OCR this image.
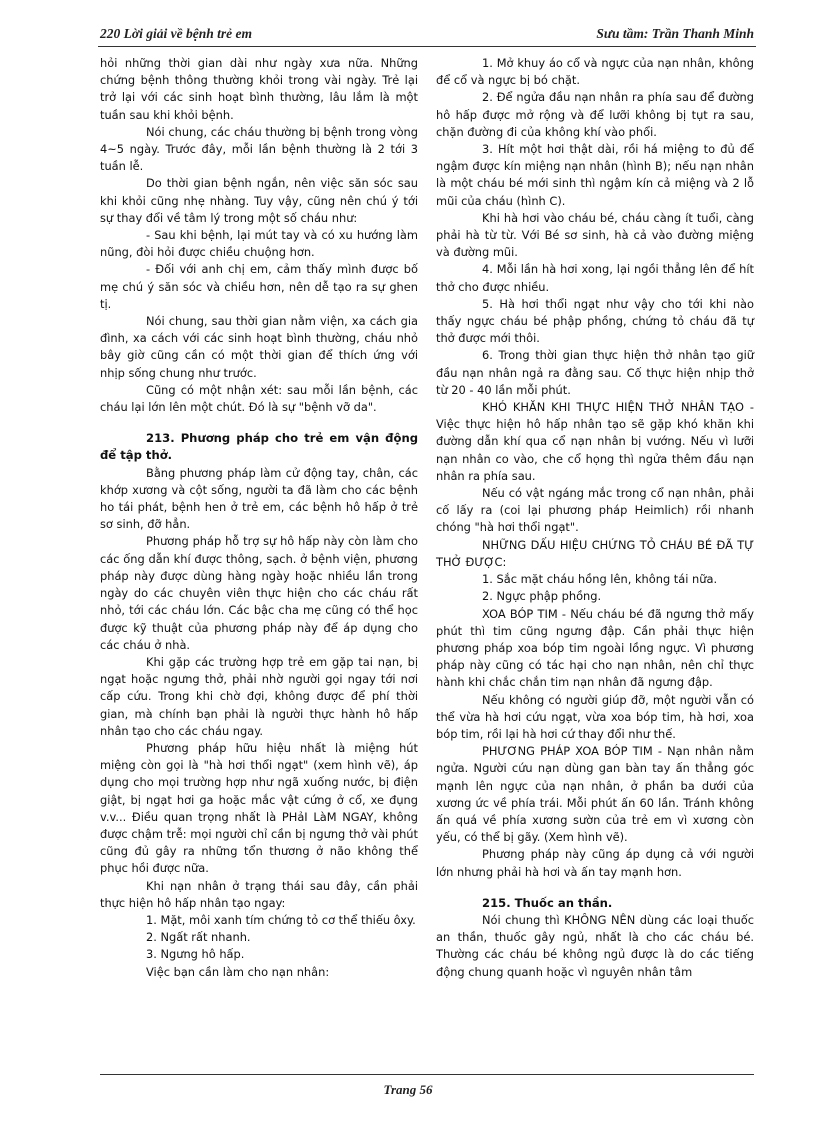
220 Lời giải về bệnh trẻ em	Sưu tầm: Trần Thanh Minh

hỏi những thời gian dài như ngày xưa nữa. Những chứng bệnh thông thường khỏi trong vài ngày. Trẻ lại trở lại với các sinh hoạt bình thường, lâu lắm là một tuần sau khi khỏi bệnh.

Nói chung, các cháu thường bị bệnh trong vòng 4~5 ngày. Trước đây, mỗi lần bệnh thường là 2 tới 3 tuần lễ.

Do thời gian bệnh ngắn, nên việc săn sóc sau khi khỏi cũng nhẹ nhàng. Tuy vậy, cũng nên chú ý tới sự thay đổi về tâm lý trong một số cháu như:

- Sau khi bệnh, lại mút tay và có xu hướng làm nũng, đòi hỏi được chiều chuộng hơn.

- Đối với anh chị em, cảm thấy mình được bố mẹ chú ý săn sóc và chiều hơn, nên dễ tạo ra sự ghen tị.

Nói chung, sau thời gian nằm viện, xa cách gia đình, xa cách với các sinh hoạt bình thường, cháu nhỏ bây giờ cũng cần có một thời gian để thích ứng với nhịp sống chung như trước.

Cũng có một nhận xét: sau mỗi lần bệnh, các cháu lại lớn lên một chút. Đó là sự "bệnh vỡ da".

213. Phương pháp cho trẻ em vận động để tập thở.

Bằng phương pháp làm cử động tay, chân, các khớp xương và cột sống, người ta đã làm cho các bệnh ho tái phát, bệnh hen ở trẻ em, các bệnh hô hấp ở trẻ sơ sinh, đỡ hẳn.

Phương pháp hỗ trợ sự hô hấp này còn làm cho các ống dẫn khí được thông, sạch. ở bệnh viện, phương pháp này được dùng hàng ngày hoặc nhiều lần trong ngày do các chuyên viên thực hiện cho các cháu rất nhỏ, tới các cháu lớn. Các bậc cha mẹ cũng có thể học được kỹ thuật của phương pháp này để áp dụng cho các cháu ở nhà.

Khi gặp các trường hợp trẻ em gặp tai nạn, bị ngạt hoặc ngưng thở, phải nhờ người gọi ngay tới nơi cấp cứu. Trong khi chờ đợi, không được để phí thời gian, mà chính bạn phải là người thực hành hô hấp nhân tạo cho các cháu ngay.

Phương pháp hữu hiệu nhất là miệng hút miệng còn gọi là "hà hơi thổi ngạt" (xem hình vẽ), áp dụng cho mọi trường hợp như ngã xuống nước, bị điện giật, bị ngạt hơi ga hoặc mắc vật cứng ở cổ, xe đụng v.v... Điều quan trọng nhất là PHảI LàM NGAY, không được chậm trễ: mọi người chỉ cần bị ngưng thở vài phút cũng đủ gây ra những tổn thương ở não không thể phục hồi được nữa.

Khi nạn nhân ở trạng thái sau đây, cần phải thực hiện hô hấp nhân tạo ngay:

1. Mặt, môi xanh tím chứng tỏ cơ thể thiếu ôxy.

2. Ngất rất nhanh.

3. Ngưng hô hấp.

Việc bạn cần làm cho nạn nhân:

1. Mở khuy áo cổ và ngực của nạn nhân, không để cổ và ngực bị bó chặt.

2. Để ngửa đầu nạn nhân ra phía sau để đường hô hấp được mở rộng và để lưỡi không bị tụt ra sau, chặn đường đi của không khí vào phổi.

3. Hít một hơi thật dài, rồi há miệng to đủ để ngậm được kín miệng nạn nhân (hình B); nếu nạn nhân là một cháu bé mới sinh thì ngậm kín cả miệng và 2 lỗ mũi của cháu (hình C).

Khi hà hơi vào cháu bé, cháu càng ít tuổi, càng phải hà từ từ. Với Bé sơ sinh, hà cả vào đường miệng và đường mũi.

4. Mỗi lần hà hơi xong, lại ngồi thẳng lên để hít thở cho được nhiều.

5. Hà hơi thổi ngạt như vậy cho tới khi nào thấy ngực cháu bé phập phồng, chứng tỏ cháu đã tự thở được mới thôi.

6. Trong thời gian thực hiện thở nhân tạo giữ đầu nạn nhân ngả ra đằng sau. Cố thực hiện nhịp thở từ 20 - 40 lần mỗi phút.

KHÓ KHĂN KHI THỰC HIỆN THỞ NHÂN TẠO - Việc thực hiện hô hấp nhân tạo sẽ gặp khó khăn khi đường dẫn khí qua cổ nạn nhân bị vướng. Nếu vì lưỡi nạn nhân co vào, che cổ họng thì ngửa thêm đầu nạn nhân ra phía sau.

Nếu có vật ngáng mắc trong cổ nạn nhân, phải cố lấy ra (coi lại phương pháp Heimlich) rồi nhanh chóng "hà hơi thổi ngạt".

NHỮNG DẤU HIỆU CHỨNG TỎ CHÁU BÉ ĐÃ TỰ THỞ ĐƯỢC:

1. Sắc mặt cháu hồng lên, không tái nữa.

2. Ngực phập phồng.

XOA BÓP TIM - Nếu cháu bé đã ngưng thở mấy phút thì tim cũng ngưng đập. Cần phải thực hiện phương pháp xoa bóp tim ngoài lồng ngực. Vì phương pháp này cũng có tác hại cho nạn nhân, nên chỉ thực hành khi chắc chắn tim nạn nhân đã ngưng đập.

Nếu không có người giúp đỡ, một người vẫn có thể vừa hà hơi cứu ngạt, vừa xoa bóp tim, hà hơi, xoa bóp tim, rồi lại hà hơi cứ thay đổi như thế.

PHƯƠNG PHÁP XOA BÓP TIM - Nạn nhân nằm ngửa. Người cứu nạn dùng gan bàn tay ấn thẳng góc mạnh lên ngực của nạn nhân, ở phần ba dưới của xương ức về phía trái. Mỗi phút ấn 60 lần. Tránh không ấn quá về phía xương sườn của trẻ em vì xương còn yếu, có thể bị gãy. (Xem hình vẽ).

Phương pháp này cũng áp dụng cả với người lớn nhưng phải hà hơi và ấn tay mạnh hơn.

215. Thuốc an thần.

Nói chung thì KHÔNG NÊN dùng các loại thuốc an thần, thuốc gây ngủ, nhất là cho các cháu bé. Thường các cháu bé không ngủ được là do các tiếng động chung quanh hoặc vì nguyên nhân tâm

Trang 56
